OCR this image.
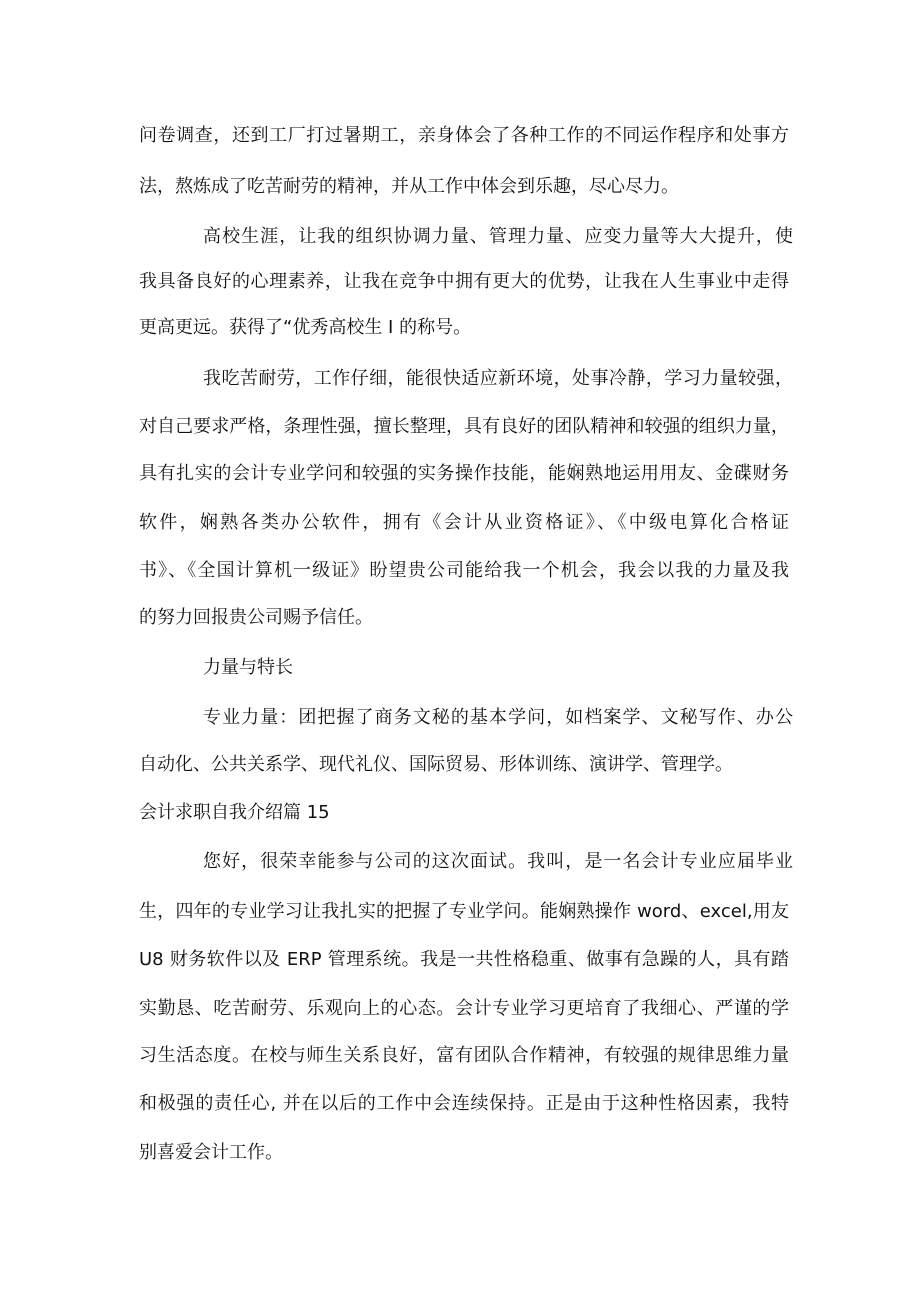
问卷调查，还到工厂打过暑期工，亲身体会了各种工作的不同运作程序和处事方
法，熬炼成了吃苦耐劳的精神，并从工作中体会到乐趣，尽心尽力。
高校生涯，让我的组织协调力量、管理力量、应变力量等大大提升，使
我具备良好的心理素养，让我在竞争中拥有更大的优势，让我在人生事业中走得
更高更远。获得了“优秀高校生 I 的称号。
我吃苦耐劳，工作仔细，能很快适应新环境，处事冷静，学习力量较强，
对自己要求严格，条理性强，擅长整理，具有良好的团队精神和较强的组织力量，
具有扎实的会计专业学问和较强的实务操作技能，能娴熟地运用用友、金碟财务
软件，娴熟各类办公软件，拥有《会计从业资格证》、《中级电算化合格证
书》、《全国计算机一级证》盼望贵公司能给我一个机会，我会以我的力量及我
的努力回报贵公司赐予信任。
力量与特长
专业力量：团把握了商务文秘的基本学问，如档案学、文秘写作、办公
自动化、公共关系学、现代礼仪、国际贸易、形体训练、演讲学、管理学。
会计求职自我介绍篇 15
您好，很荣幸能参与公司的这次面试。我叫，是一名会计专业应届毕业
生，四年的专业学习让我扎实的把握了专业学问。能娴熟操作 word、excel,用友
U8 财务软件以及 ERP 管理系统。我是一共性格稳重、做事有急躁的人，具有踏
实勤恳、吃苦耐劳、乐观向上的心态。会计专业学习更培育了我细心、严谨的学
习生活态度。在校与师生关系良好，富有团队合作精神，有较强的规律思维力量
和极强的责任心, 并在以后的工作中会连续保持。正是由于这种性格因素，我特
别喜爱会计工作。
